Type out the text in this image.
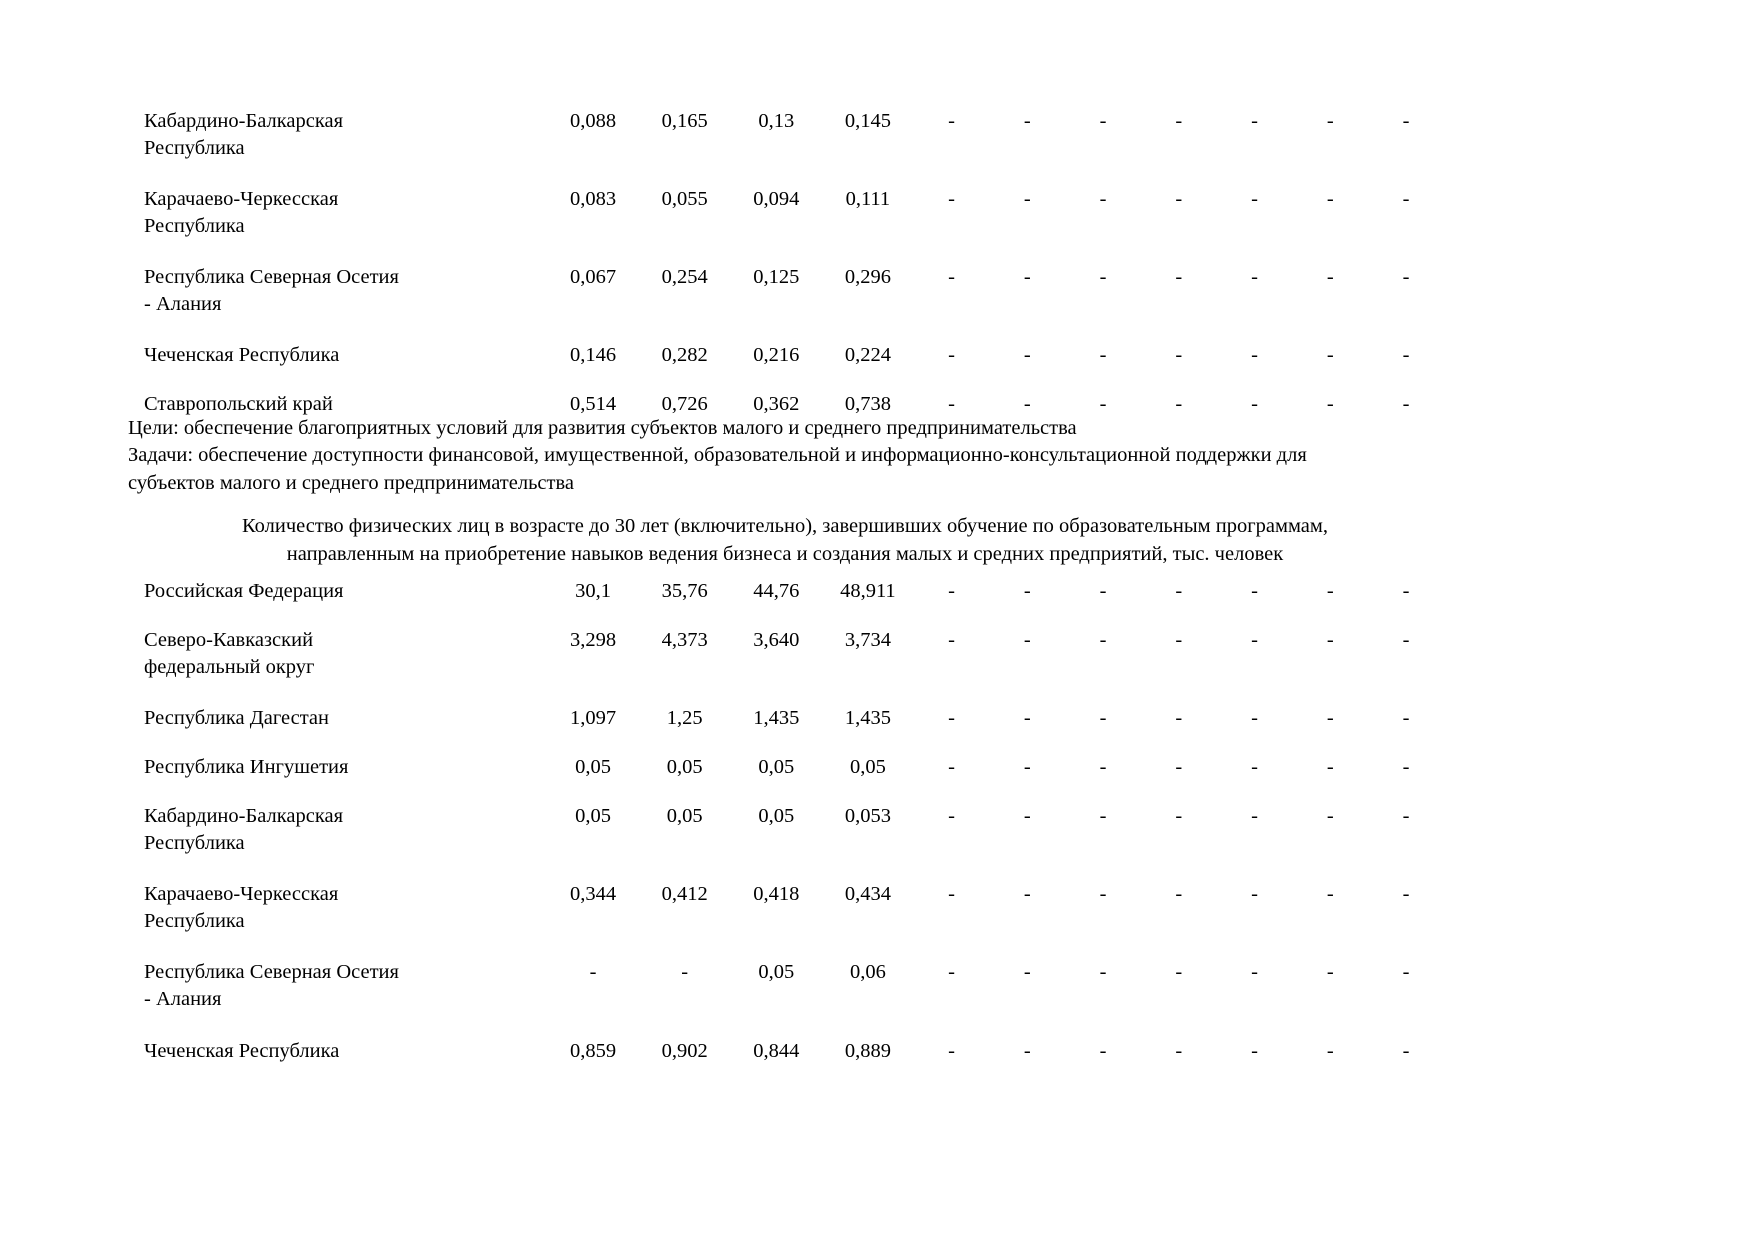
Кабардино-Балкарская
Республика	0,088	0,165	0,13	0,145	-	-	-	-	-	-	-

Карачаево-Черкесская
Республика	0,083	0,055	0,094	0,111	-	-	-	-	-	-	-

Республика Северная Осетия
- Алания	0,067	0,254	0,125	0,296	-	-	-	-	-	-	-

Чеченская Республика	0,146	0,282	0,216	0,224	-	-	-	-	-	-	-

Ставропольский край	0,514	0,726	0,362	0,738	-	-	-	-	-	-	-

Цели: обеспечение благоприятных условий для развития субъектов малого и среднего предпринимательства

Задачи: обеспечение доступности финансовой, имущественной, образовательной и информационно-консультационной поддержки для

субъектов малого и среднего предпринимательства

Количество физических лиц в возрасте до 30 лет (включительно), завершивших обучение по образовательным программам,
направленным на приобретение навыков ведения бизнеса и создания малых и средних предприятий, тыс. человек
Российская Федерация	30,1	35,76	44,76	48,911	-	-	-	-	-	-	-

Северо-Кавказский
федеральный округ	3,298	4,373	3,640	3,734	-	-	-	-	-	-	-

Республика Дагестан	1,097	1,25	1,435	1,435	-	-	-	-	-	-	-

Республика Ингушетия	0,05	0,05	0,05	0,05	-	-	-	-	-	-	-

Кабардино-Балкарская
Республика	0,05	0,05	0,05	0,053	-	-	-	-	-	-	-

Карачаево-Черкесская
Республика	0,344	0,412	0,418	0,434	-	-	-	-	-	-	-

Республика Северная Осетия
- Алания	-	-	0,05	0,06	-	-	-	-	-	-	-

Чеченская Республика	0,859	0,902	0,844	0,889	-	-	-	-	-	-	-
